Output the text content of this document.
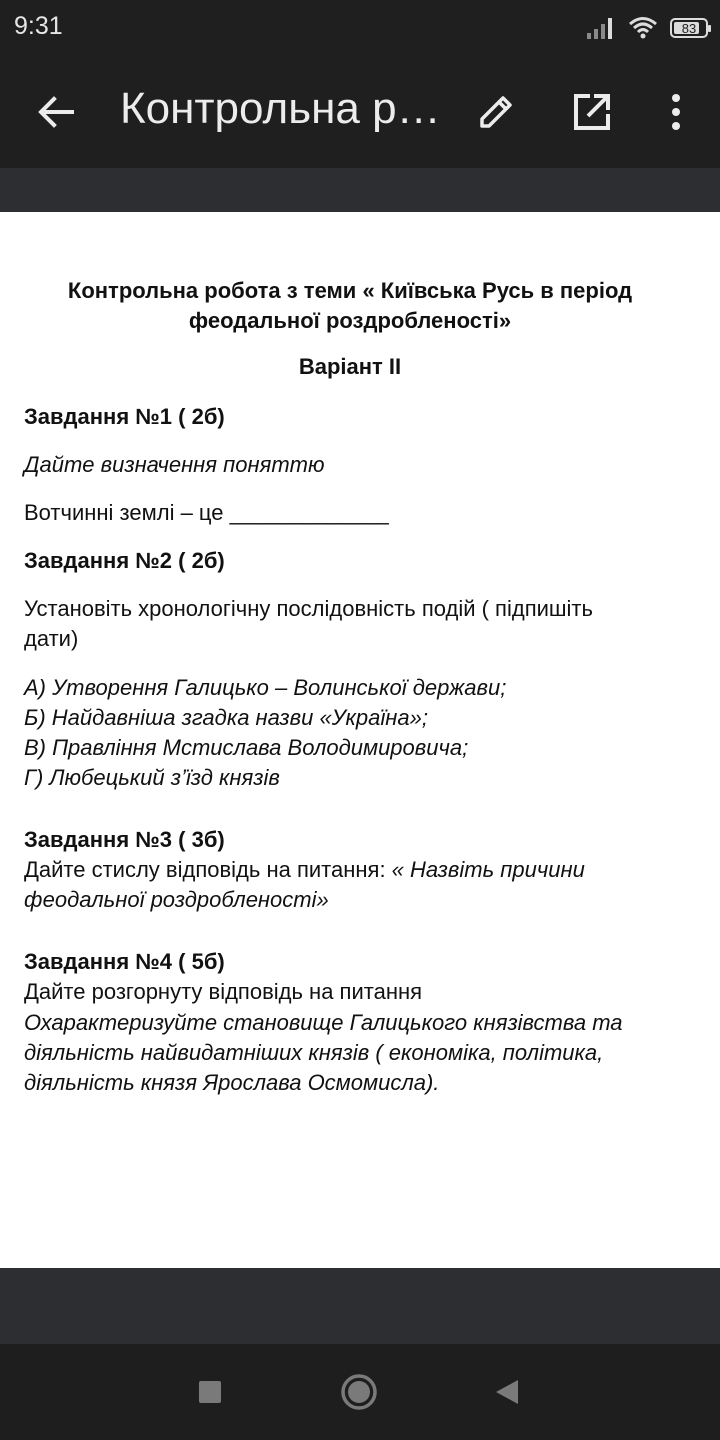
9:31	83
Контрольна р…
Контрольна робота з теми « Київська Русь в період
феодальної роздробленості»
Варіант II
Завдання №1 ( 2б)
Дайте визначення поняттю
Вотчинні землі – це _____________
Завдання №2 ( 2б)
Установіть хронологічну послідовність подій ( підпишіть
дати)
А) Утворення Галицько – Волинської держави;
Б) Найдавніша згадка назви «Україна»;
В) Правління Мстислава Володимировича;
Г) Любецький з’їзд князів
Завдання №3 ( 3б)
Дайте стислу відповідь на питання: « Назвіть причини
феодальної роздробленості»
Завдання №4 ( 5б)
Дайте розгорнуту відповідь на питання
Охарактеризуйте становище Галицького князівства та
діяльність найвидатніших князів ( економіка, політика,
діяльність князя Ярослава Осмомисла).
